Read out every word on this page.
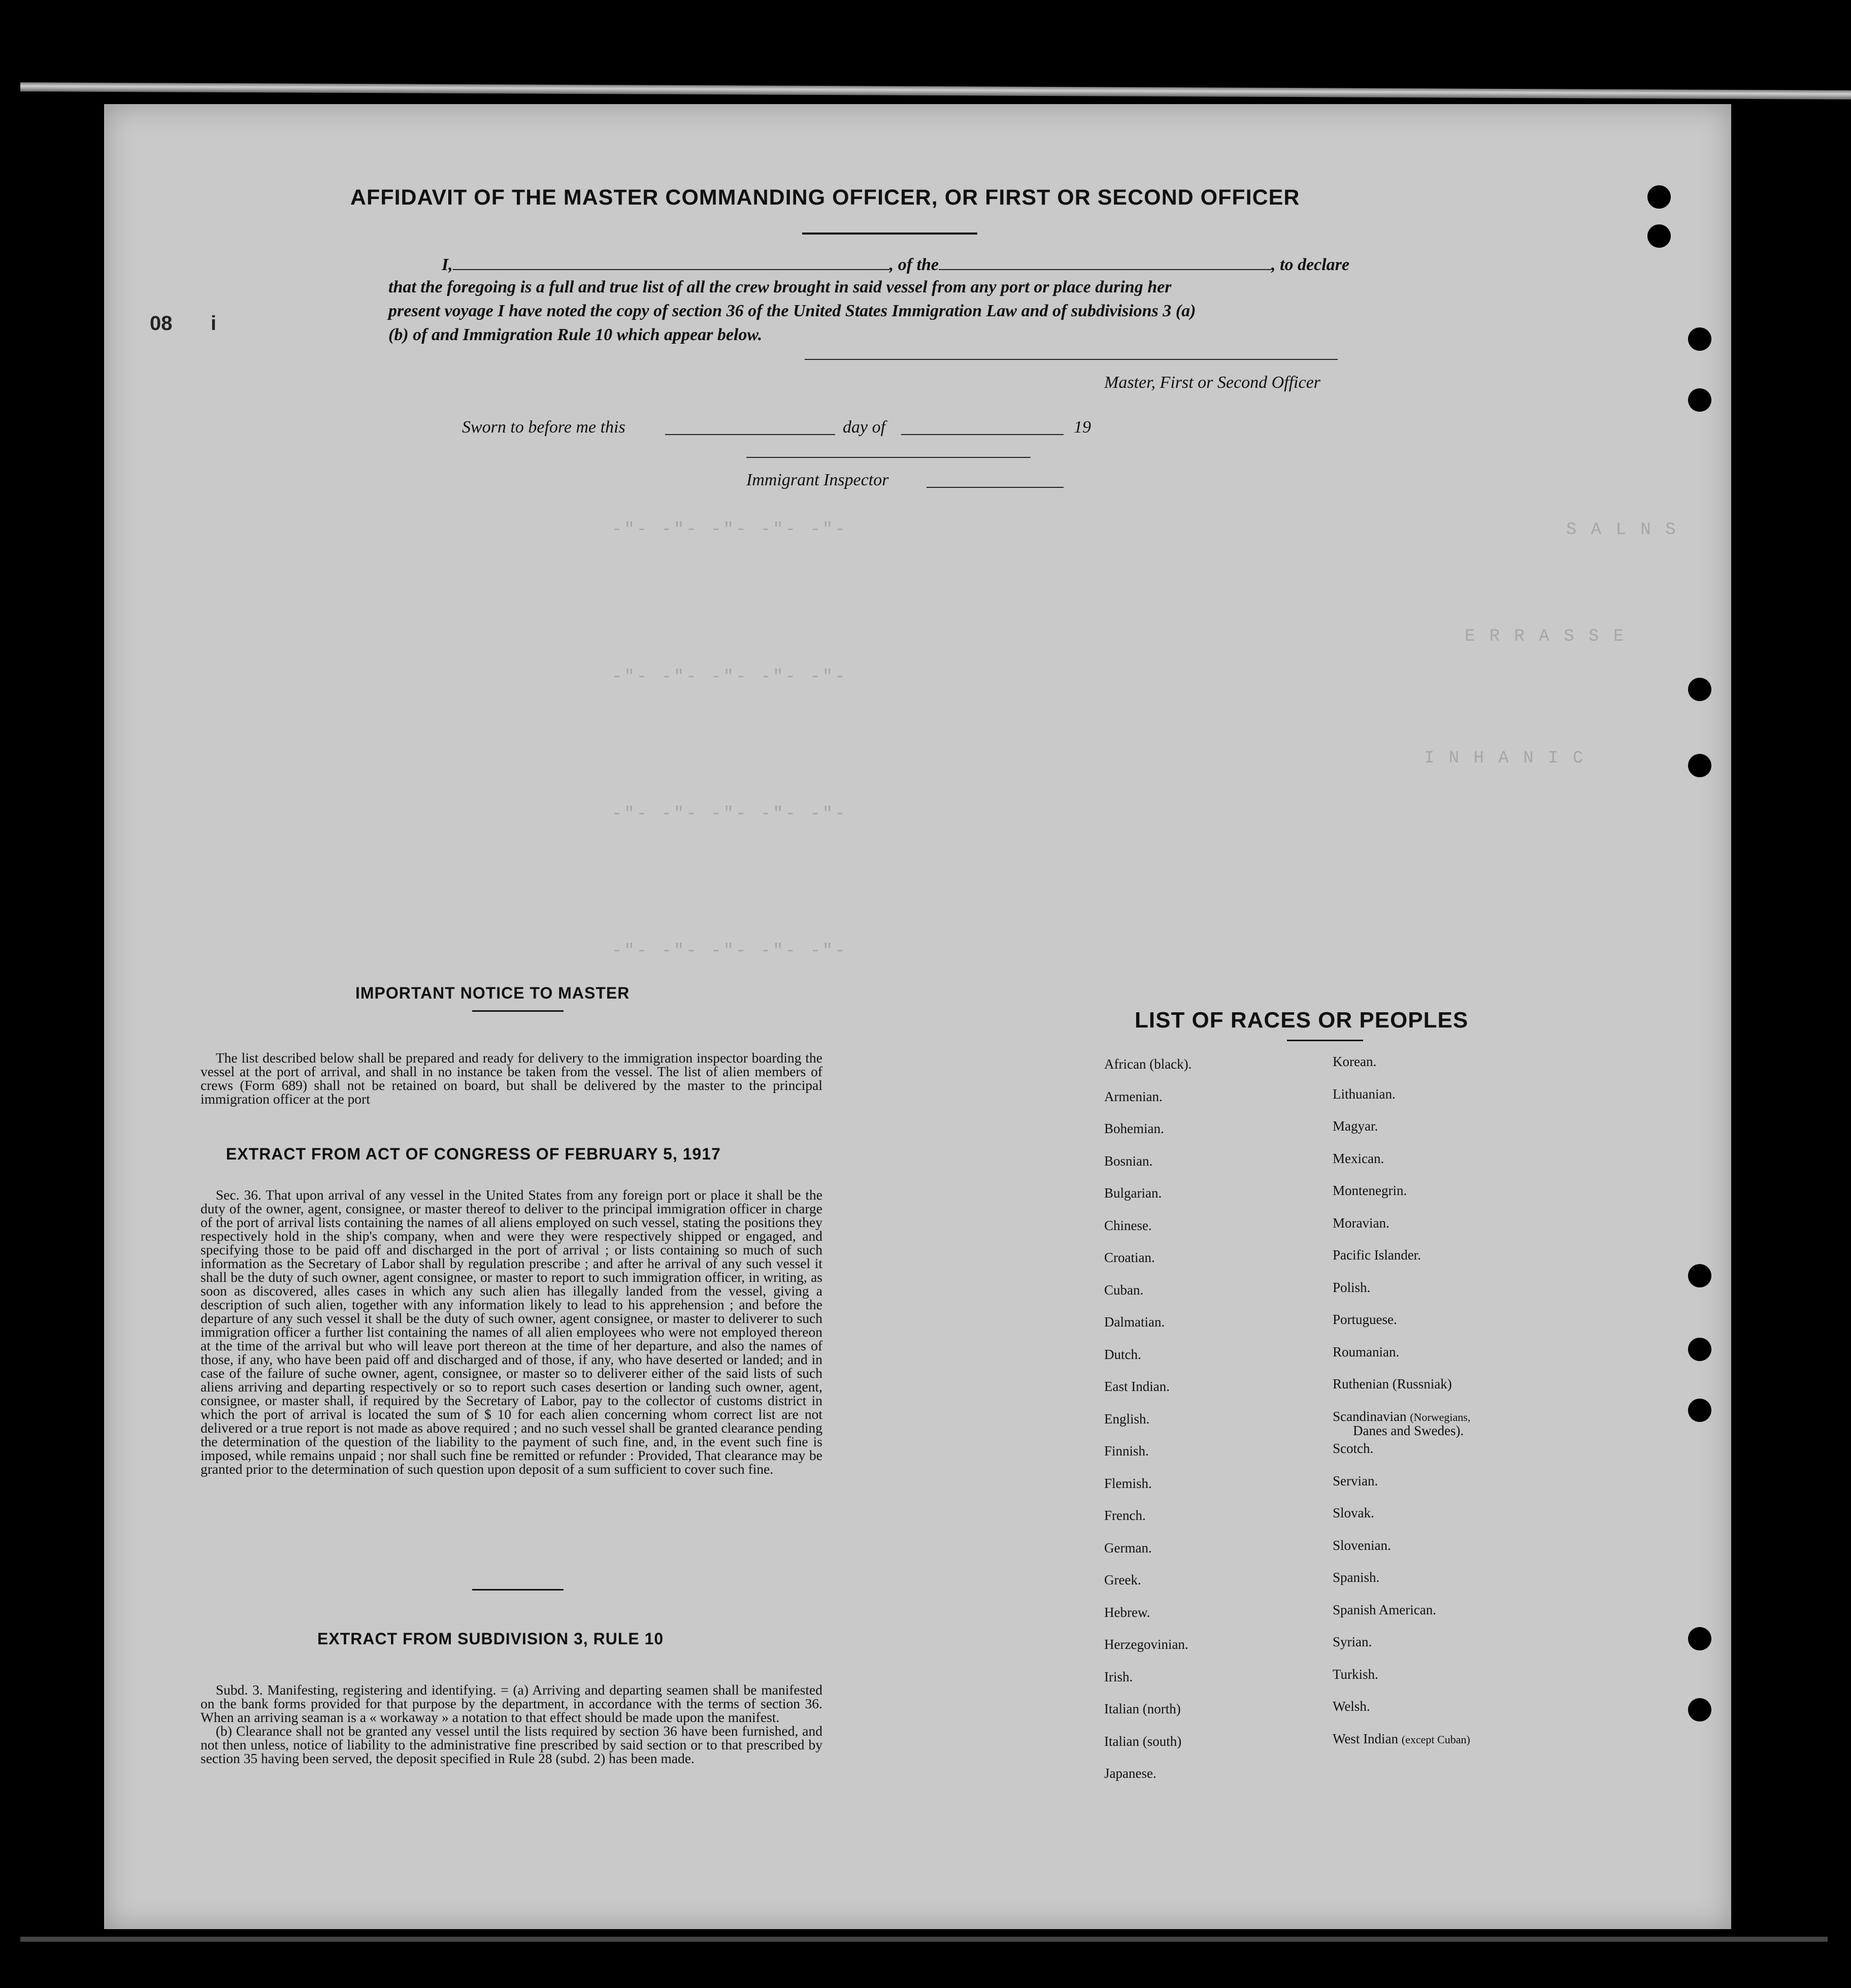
S A L N S
E R R A S S E
I N H A N I C
-"- -"- -"- -"- -"-
-"- -"- -"- -"- -"-
-"- -"- -"- -"- -"-
-"- -"- -"- -"- -"-
08 i
AFFIDAVIT OF THE MASTER COMMANDING OFFICER, OR FIRST OR SECOND OFFICER
I,	, of the	, to declare
that the foregoing is a full and true list of all the crew brought in said vessel from any port or place during her
present voyage I have noted the copy of section 36 of the United States Immigration Law and of subdivisions 3 (a)
(b) of and Immigration Rule 10 which appear below.
Master, First or Second Officer
Sworn to before me this	day of	19
Immigrant Inspector
IMPORTANT NOTICE TO MASTER

The list described below shall be prepared and ready for delivery to the immigration inspector boarding the vessel at the port of arrival, and shall in no instance be taken from the vessel. The list of alien members of crews (Form 689) shall not be retained on board, but shall be delivered by the master to the principal immigration officer at the port

EXTRACT FROM ACT OF CONGRESS OF FEBRUARY 5, 1917

Sec. 36. That upon arrival of any vessel in the United States from any foreign port or place it shall be the duty of the owner, agent, consignee, or master thereof to deliver to the principal immigration officer in charge of the port of arrival lists containing the names of all aliens employed on such vessel, stating the positions they respectively hold in the ship's company, when and were they were respectively shipped or engaged, and specifying those to be paid off and discharged in the port of arrival ; or lists containing so much of such information as the Secretary of Labor shall by regulation prescribe ; and after he arrival of any such vessel it shall be the duty of such owner, agent consignee, or master to report to such immigration officer, in writing, as soon as discovered, alles cases in which any such alien has illegally landed from the vessel, giving a description of such alien, together with any information likely to lead to his apprehension ; and before the departure of any such vessel it shall be the duty of such owner, agent consignee, or master to deliverer to such immigration officer a further list containing the names of all alien employees who were not employed thereon at the time of the arrival but who will leave port thereon at the time of her departure, and also the names of those, if any, who have been paid off and discharged and of those, if any, who have deserted or landed; and in case of the failure of suche owner, agent, consignee, or master so to deliverer either of the said lists of such aliens arriving and departing respectively or so to report such cases desertion or landing such owner, agent, consignee, or master shall, if required by the Secretary of Labor, pay to the collector of customs district in which the port of arrival is located the sum of $ 10 for each alien concerning whom correct list are not delivered or a true report is not made as above required ; and no such vessel shall be granted clearance pending the determination of the question of the liability to the payment of such fine, and, in the event such fine is imposed, while remains unpaid ; nor shall such fine be remitted or refunder : Provided, That clearance may be granted prior to the determination of such question upon deposit of a sum sufficient to cover such fine.

EXTRACT FROM SUBDIVISION 3, RULE 10

Subd. 3. Manifesting, registering and identifying. = (a) Arriving and departing seamen shall be manifested on the bank forms provided for that purpose by the department, in accordance with the terms of section 36. When an arriving seaman is a « workaway » a notation to that effect should be made upon the manifest.

(b) Clearance shall not be granted any vessel until the lists required by section 36 have been furnished, and not then unless, notice of liability to the administrative fine prescribed by said section or to that prescribed by section 35 having been served, the deposit specified in Rule 28 (subd. 2) has been made.

LIST OF RACES OR PEOPLES
African (black).
Armenian.
Bohemian.
Bosnian.
Bulgarian.
Chinese.
Croatian.
Cuban.
Dalmatian.
Dutch.
East Indian.
English.
Finnish.
Flemish.
French.
German.
Greek.
Hebrew.
Herzegovinian.
Irish.
Italian (north)
Italian (south)
Japanese.
Korean.
Lithuanian.
Magyar.
Mexican.
Montenegrin.
Moravian.
Pacific Islander.
Polish.
Portuguese.
Roumanian.
Ruthenian (Russniak)
Scandinavian (Norwegians,
Scotch.
Servian.
Slovak.
Slovenian.
Spanish.
Spanish American.
Syrian.
Turkish.
Welsh.
West Indian (except Cuban)
Danes and Swedes).
